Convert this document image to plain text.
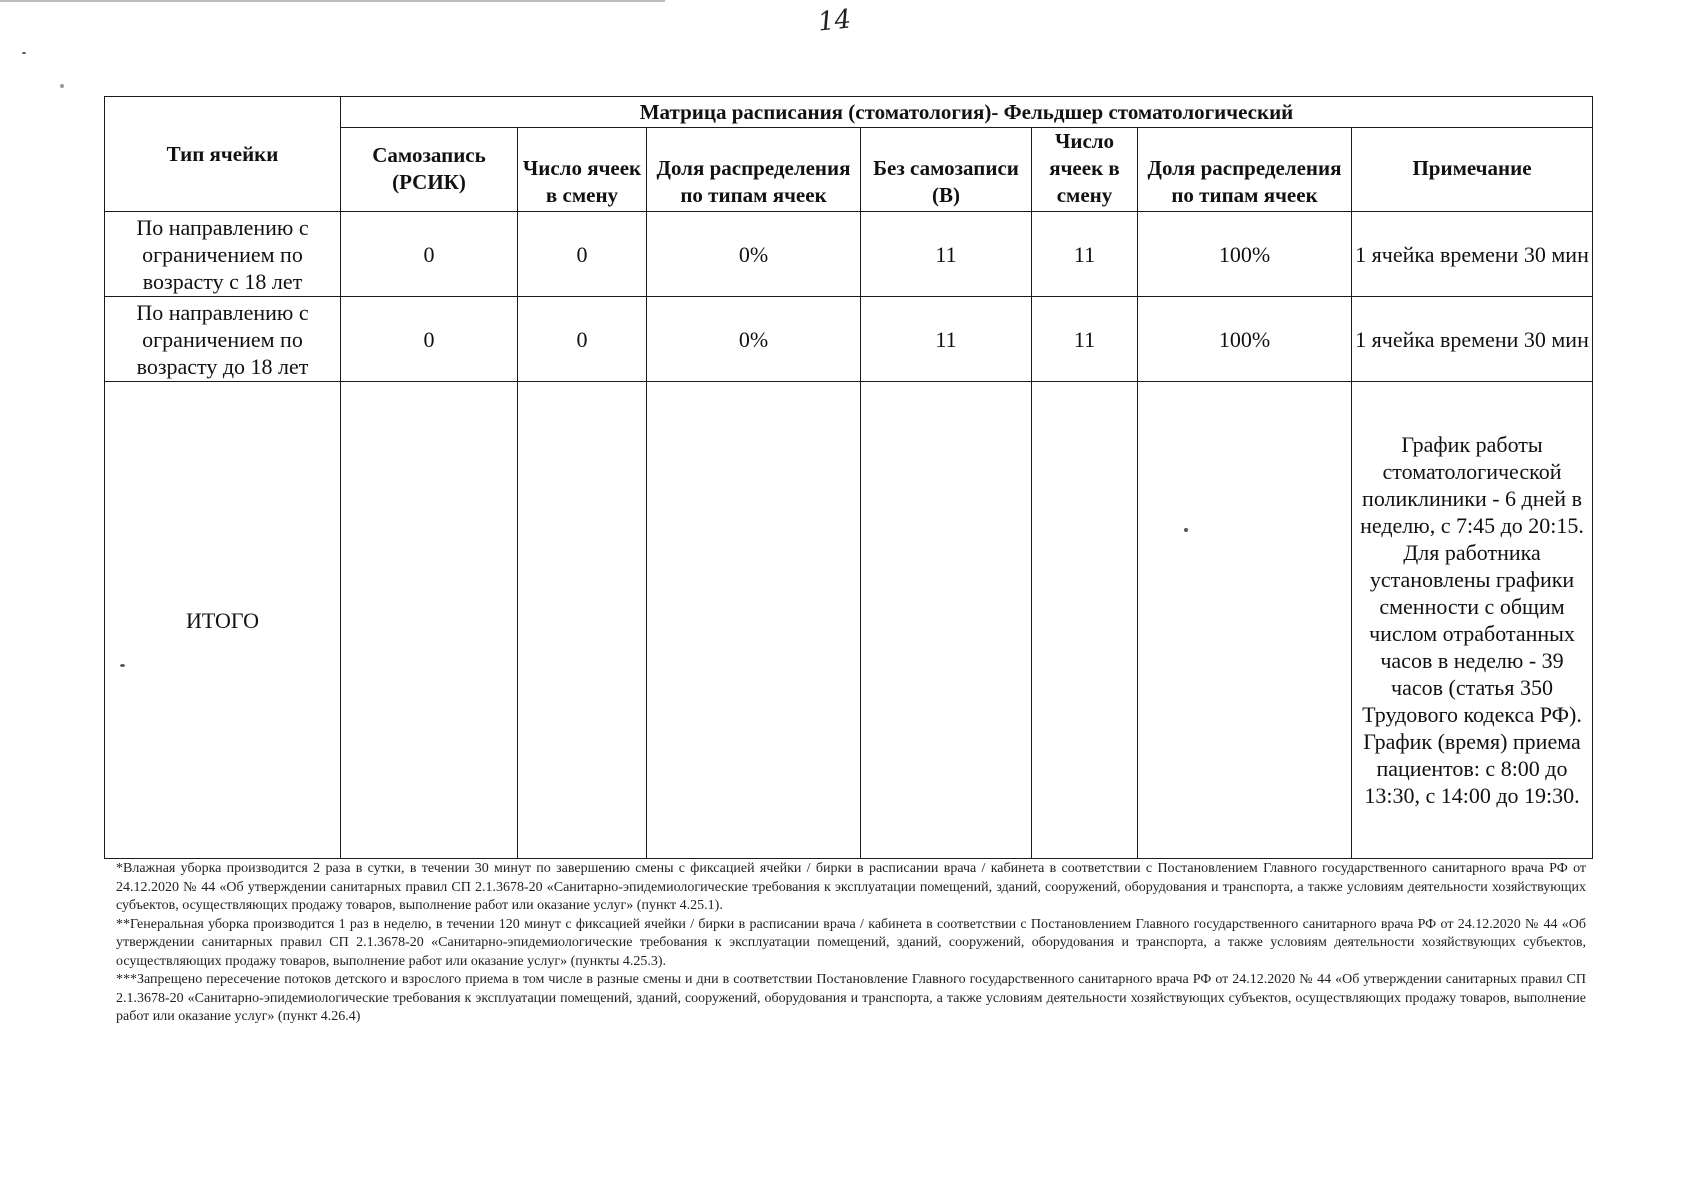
14
Тип ячейки	Матрица расписания (стоматология)- Фельдшер стоматологический						
	Самозапись (РСИК)	Число ячеек в смену	Доля распределения по типам ячеек	Без самозаписи (В)	Число ячеек в смену	Доля распределения по типам ячеек	Примечание
По направлению с ограничением по возрасту с 18 лет	0	0	0%	11	11	100%	1 ячейка времени 30 мин
По направлению с ограничением по возрасту до 18 лет	0	0	0%	11	11	100%	1 ячейка времени 30 мин
ИТОГО							График работы стоматологической поликлиники - 6 дней в неделю, с 7:45 до 20:15. Для работника установлены графики сменности с общим числом отработанных часов в неделю - 39 часов (статья 350 Трудового кодекса РФ). График (время) приема пациентов: с 8:00 до 13:30, с 14:00 до 19:30.

*Влажная уборка производится 2 раза в сутки, в течении 30 минут по завершению смены с фиксацией ячейки / бирки в расписании врача / кабинета в соответствии с Постановлением Главного государственного санитарного врача РФ от 24.12.2020 № 44 «Об утверждении санитарных правил СП 2.1.3678-20 «Санитарно-эпидемиологические требования к эксплуатации помещений, зданий, сооружений, оборудования и транспорта, а также условиям деятельности хозяйствующих субъектов, осуществляющих продажу товаров, выполнение работ или оказание услуг» (пункт 4.25.1).

**Генеральная уборка производится 1 раз в неделю, в течении 120 минут с фиксацией ячейки / бирки в расписании врача / кабинета в соответствии с Постановлением Главного государственного санитарного врача РФ от 24.12.2020 № 44 «Об утверждении санитарных правил СП 2.1.3678-20 «Санитарно-эпидемиологические требования к эксплуатации помещений, зданий, сооружений, оборудования и транспорта, а также условиям деятельности хозяйствующих субъектов, осуществляющих продажу товаров, выполнение работ или оказание услуг» (пункты 4.25.3).

***Запрещено пересечение потоков детского и взрослого приема в том числе в разные смены и дни в соответствии Постановление Главного государственного санитарного врача РФ от 24.12.2020 № 44 «Об утверждении санитарных правил СП 2.1.3678-20 «Санитарно-эпидемиологические требования к эксплуатации помещений, зданий, сооружений, оборудования и транспорта, а также условиям деятельности хозяйствующих субъектов, осуществляющих продажу товаров, выполнение работ или оказание услуг» (пункт 4.26.4)
